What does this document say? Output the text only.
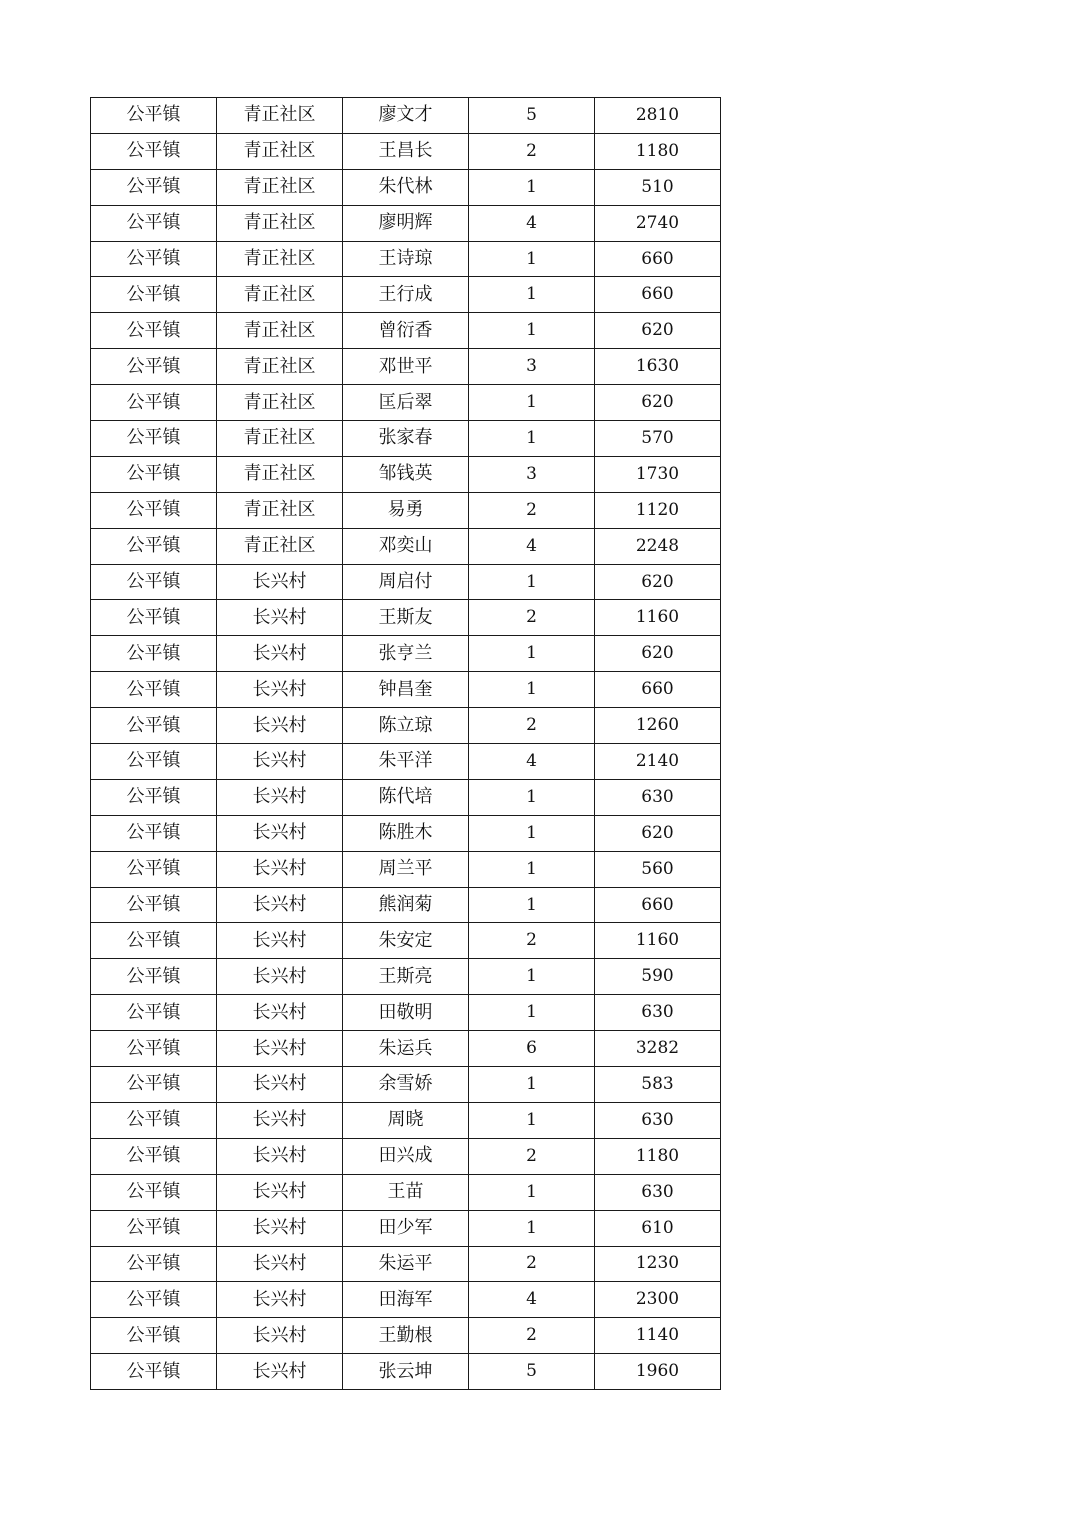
公平镇	青正社区	廖文才	5	2810
公平镇	青正社区	王昌长	2	1180
公平镇	青正社区	朱代林	1	510
公平镇	青正社区	廖明辉	4	2740
公平镇	青正社区	王诗琼	1	660
公平镇	青正社区	王行成	1	660
公平镇	青正社区	曾衍香	1	620
公平镇	青正社区	邓世平	3	1630
公平镇	青正社区	匡后翠	1	620
公平镇	青正社区	张家春	1	570
公平镇	青正社区	邹钱英	3	1730
公平镇	青正社区	易勇	2	1120
公平镇	青正社区	邓奕山	4	2248
公平镇	长兴村	周启付	1	620
公平镇	长兴村	王斯友	2	1160
公平镇	长兴村	张亨兰	1	620
公平镇	长兴村	钟昌奎	1	660
公平镇	长兴村	陈立琼	2	1260
公平镇	长兴村	朱平洋	4	2140
公平镇	长兴村	陈代培	1	630
公平镇	长兴村	陈胜木	1	620
公平镇	长兴村	周兰平	1	560
公平镇	长兴村	熊润菊	1	660
公平镇	长兴村	朱安定	2	1160
公平镇	长兴村	王斯亮	1	590
公平镇	长兴村	田敬明	1	630
公平镇	长兴村	朱运兵	6	3282
公平镇	长兴村	余雪娇	1	583
公平镇	长兴村	周晓	1	630
公平镇	长兴村	田兴成	2	1180
公平镇	长兴村	王苗	1	630
公平镇	长兴村	田少军	1	610
公平镇	长兴村	朱运平	2	1230
公平镇	长兴村	田海军	4	2300
公平镇	长兴村	王勤根	2	1140
公平镇	长兴村	张云坤	5	1960
